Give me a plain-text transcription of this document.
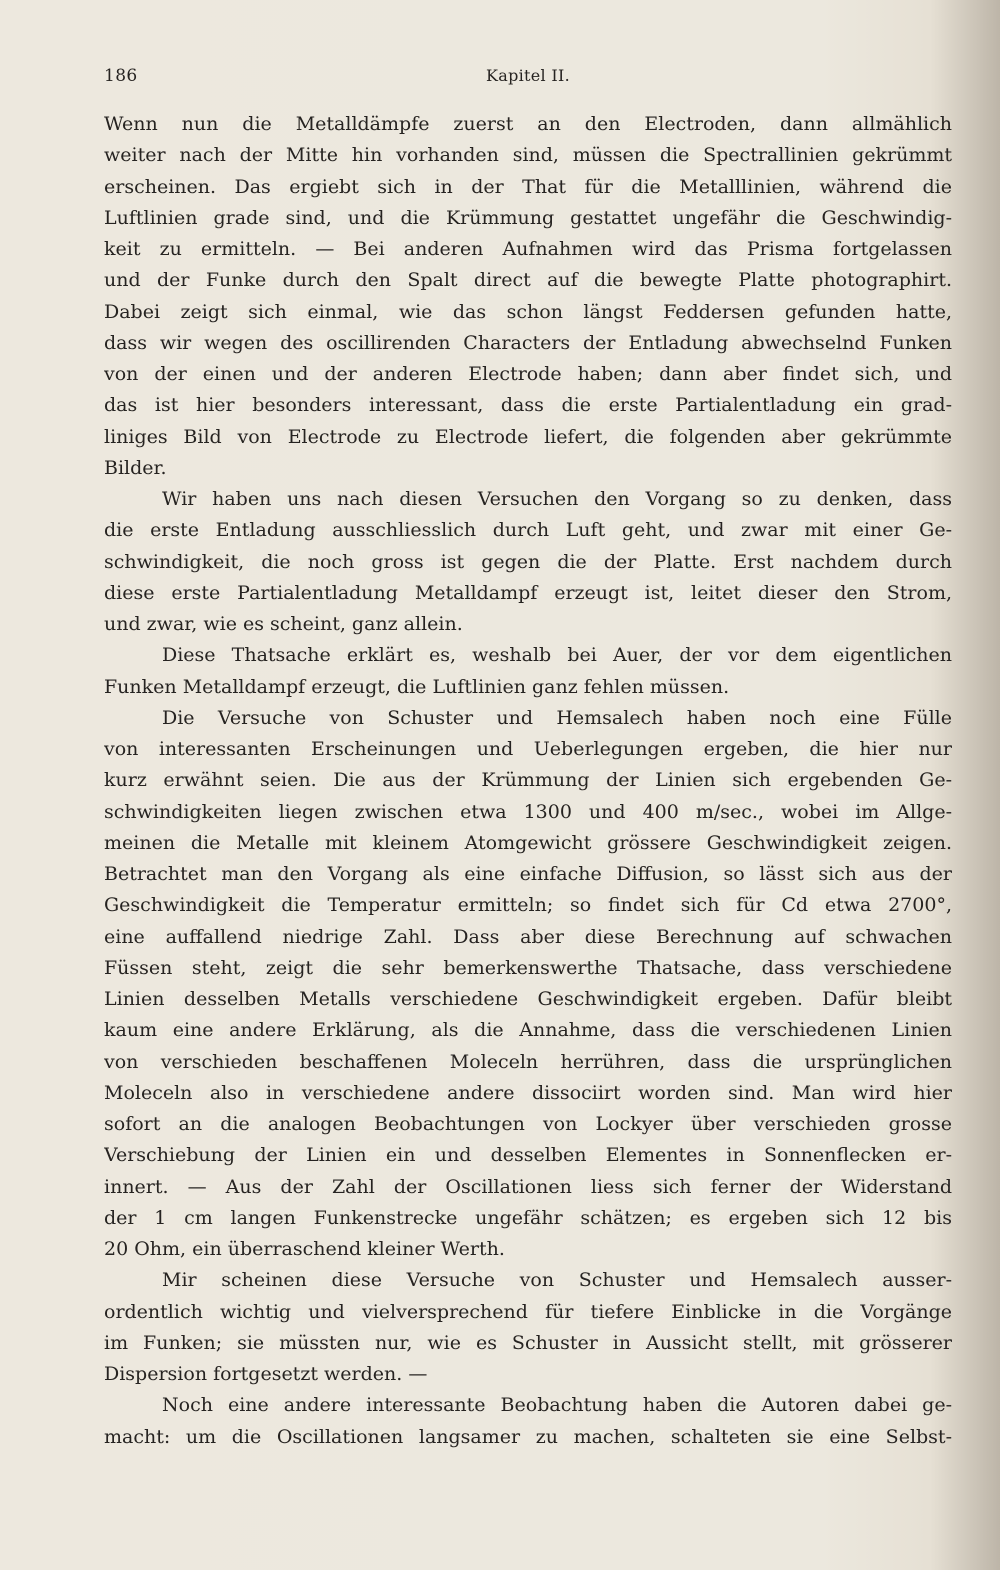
186	Kapitel II.

Wenn nun die Metalldämpfe zuerst an den Electroden, dann allmählich
weiter nach der Mitte hin vorhanden sind, müssen die Spectrallinien gekrümmt
erscheinen. Das ergiebt sich in der That für die Metalllinien, während die
Luftlinien grade sind, und die Krümmung gestattet ungefähr die Geschwindig-
keit zu ermitteln. — Bei anderen Aufnahmen wird das Prisma fortgelassen
und der Funke durch den Spalt direct auf die bewegte Platte photographirt.
Dabei zeigt sich einmal, wie das schon längst Feddersen gefunden hatte,
dass wir wegen des oscillirenden Characters der Entladung abwechselnd Funken
von der einen und der anderen Electrode haben; dann aber findet sich, und
das ist hier besonders interessant, dass die erste Partialentladung ein grad-
liniges Bild von Electrode zu Electrode liefert, die folgenden aber gekrümmte
Bilder.

Wir haben uns nach diesen Versuchen den Vorgang so zu denken, dass
die erste Entladung ausschliesslich durch Luft geht, und zwar mit einer Ge-
schwindigkeit, die noch gross ist gegen die der Platte. Erst nachdem durch
diese erste Partialentladung Metalldampf erzeugt ist, leitet dieser den Strom,
und zwar, wie es scheint, ganz allein.

Diese Thatsache erklärt es, weshalb bei Auer, der vor dem eigentlichen
Funken Metalldampf erzeugt, die Luftlinien ganz fehlen müssen.

Die Versuche von Schuster und Hemsalech haben noch eine Fülle
von interessanten Erscheinungen und Ueberlegungen ergeben, die hier nur
kurz erwähnt seien. Die aus der Krümmung der Linien sich ergebenden Ge-
schwindigkeiten liegen zwischen etwa 1300 und 400 m/sec., wobei im Allge-
meinen die Metalle mit kleinem Atomgewicht grössere Geschwindigkeit zeigen.
Betrachtet man den Vorgang als eine einfache Diffusion, so lässt sich aus der
Geschwindigkeit die Temperatur ermitteln; so findet sich für Cd etwa 2700°,
eine auffallend niedrige Zahl. Dass aber diese Berechnung auf schwachen
Füssen steht, zeigt die sehr bemerkenswerthe Thatsache, dass verschiedene
Linien desselben Metalls verschiedene Geschwindigkeit ergeben. Dafür bleibt
kaum eine andere Erklärung, als die Annahme, dass die verschiedenen Linien
von verschieden beschaffenen Moleceln herrühren, dass die ursprünglichen
Moleceln also in verschiedene andere dissociirt worden sind. Man wird hier
sofort an die analogen Beobachtungen von Lockyer über verschieden grosse
Verschiebung der Linien ein und desselben Elementes in Sonnenflecken er-
innert. — Aus der Zahl der Oscillationen liess sich ferner der Widerstand
der 1 cm langen Funkenstrecke ungefähr schätzen; es ergeben sich 12 bis
20 Ohm, ein überraschend kleiner Werth.

Mir scheinen diese Versuche von Schuster und Hemsalech ausser-
ordentlich wichtig und vielversprechend für tiefere Einblicke in die Vorgänge
im Funken; sie müssten nur, wie es Schuster in Aussicht stellt, mit grösserer
Dispersion fortgesetzt werden. —

Noch eine andere interessante Beobachtung haben die Autoren dabei ge-
macht: um die Oscillationen langsamer zu machen, schalteten sie eine Selbst-
